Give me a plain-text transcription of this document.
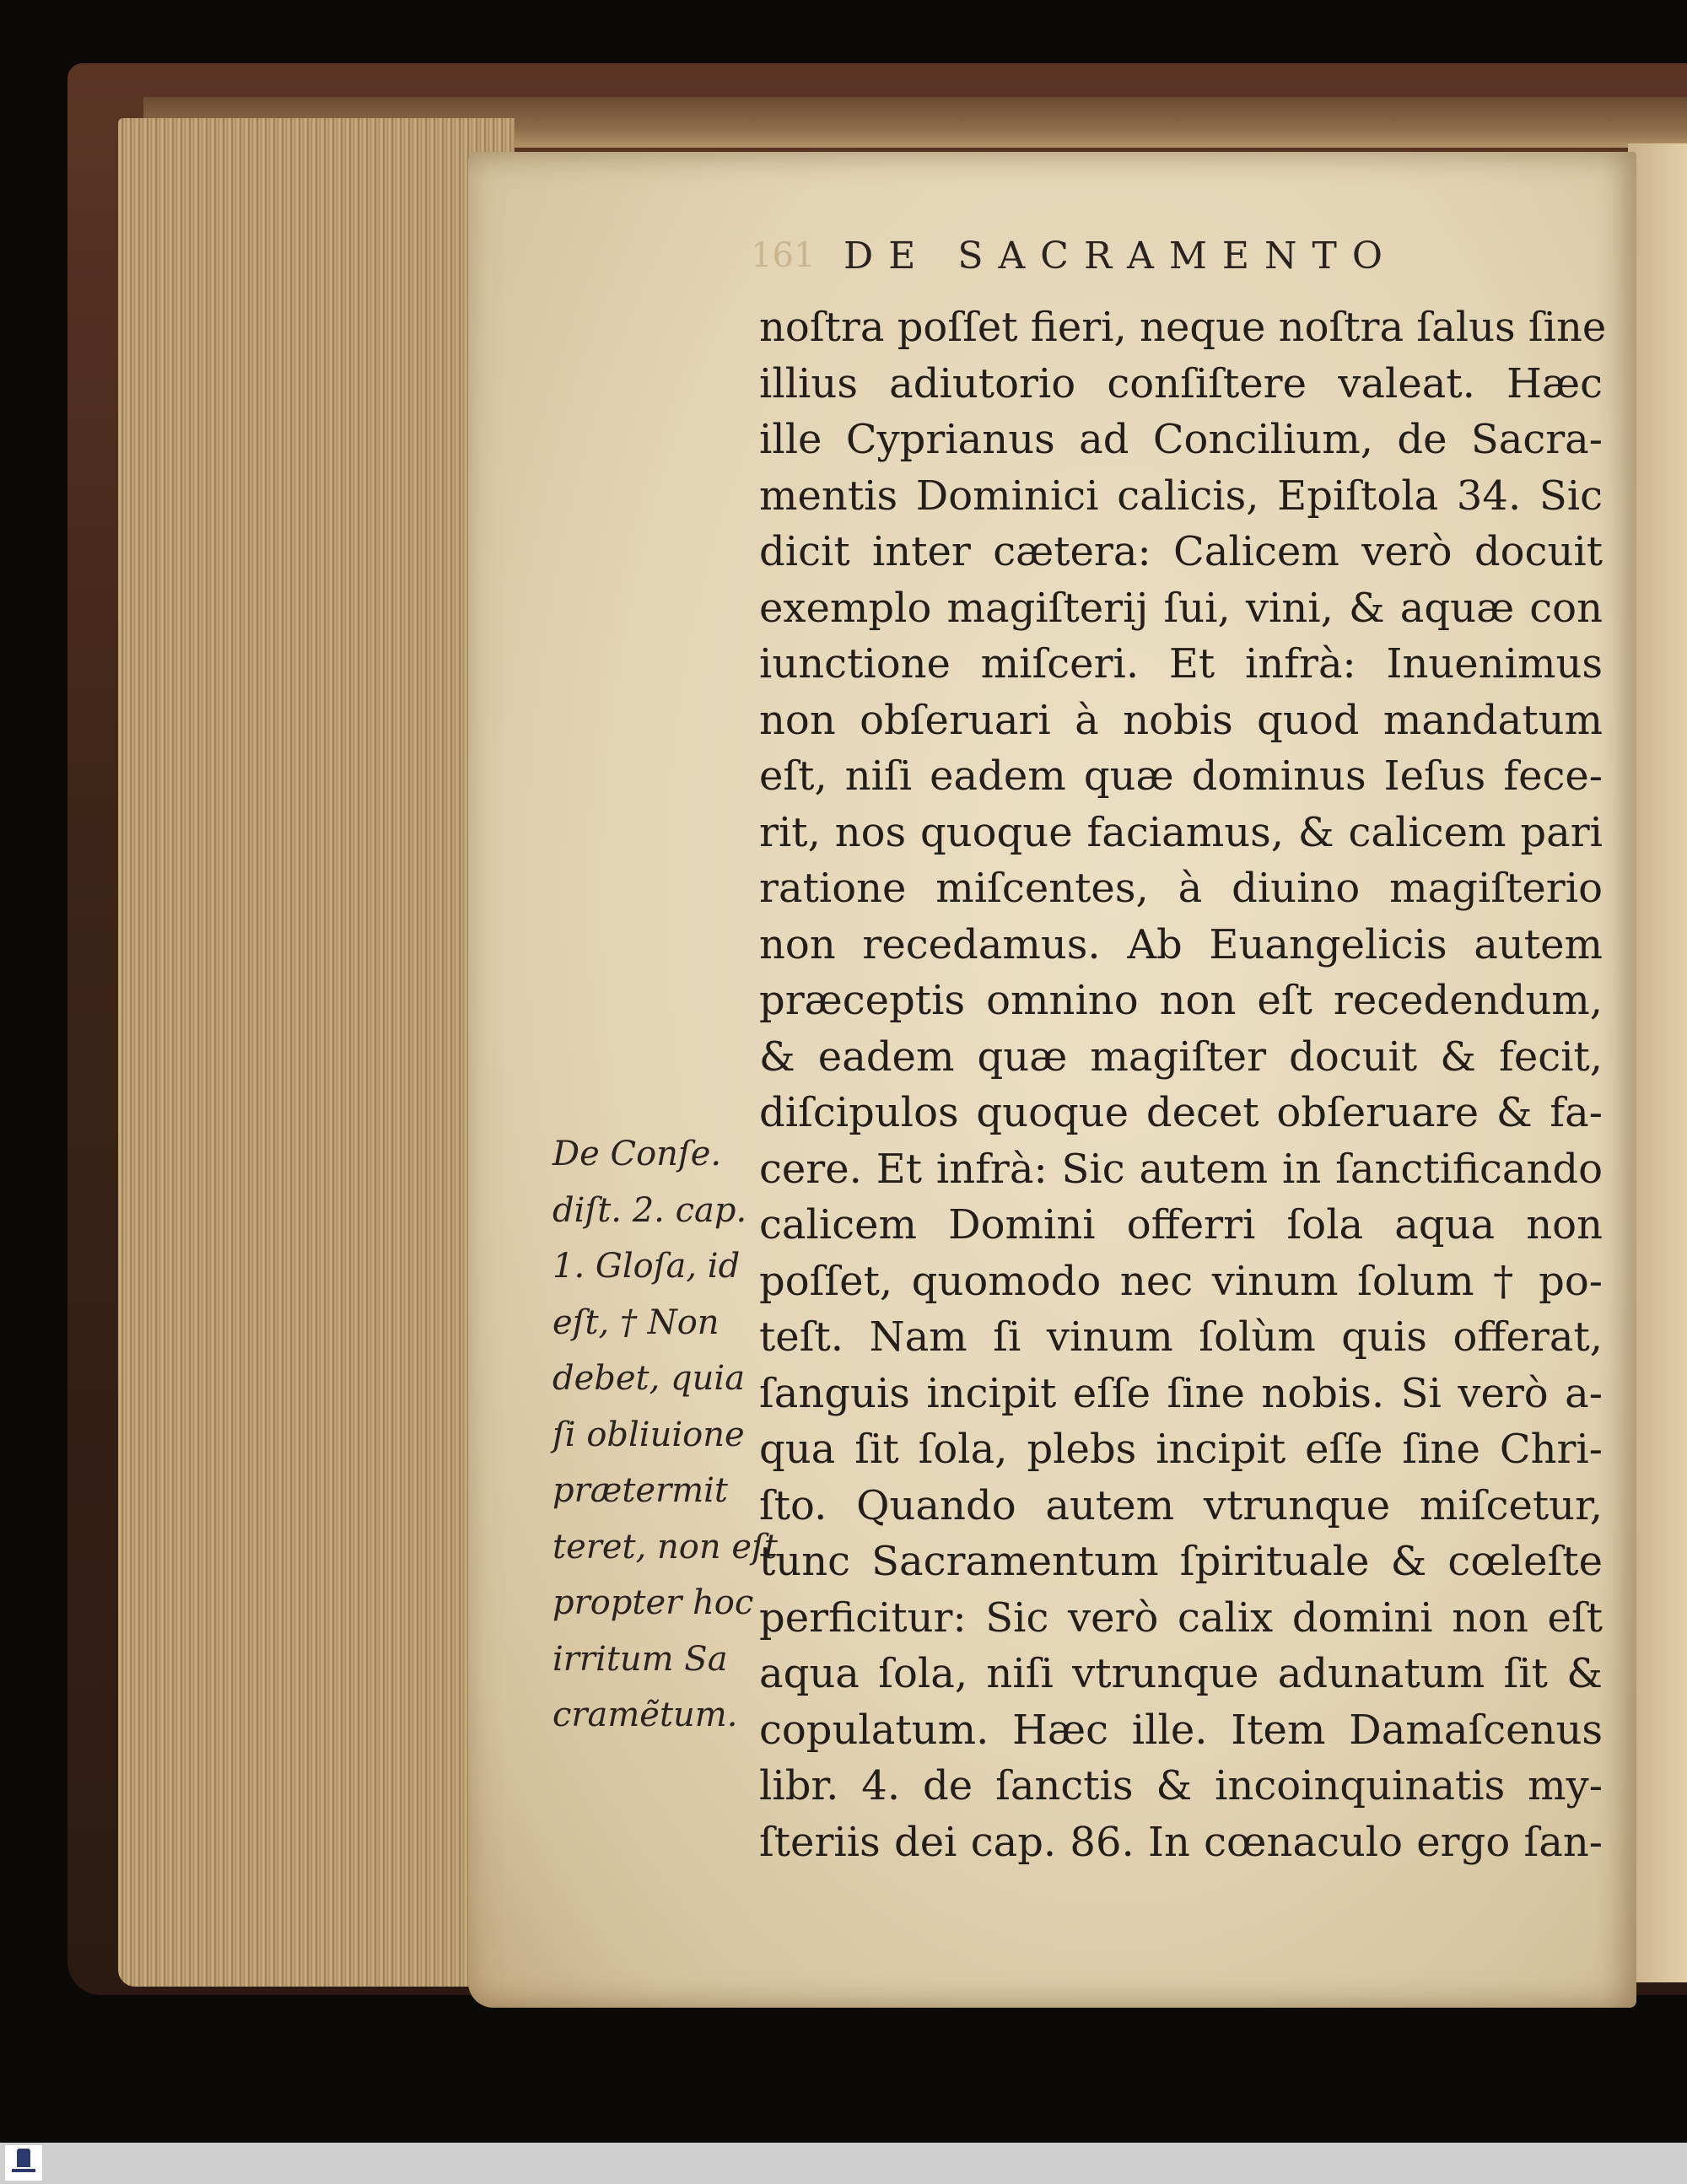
161 DE SACRAMENTO
noſtra poſſet fieri, neque noſtra ſalus ſine
illius adiutorio conſiſtere valeat. Hæc
ille Cyprianus ad Concilium, de Sacra-
mentis Dominici calicis, Epiſtola 34. Sic
dicit inter cætera: Calicem verò docuit
exemplo magiſterij ſui, vini, & aquæ con
iunctione miſceri. Et infrà: Inuenimus
non obſeruari à nobis quod mandatum
eſt, niſi eadem quæ dominus Ieſus fece-
rit, nos quoque faciamus, & calicem pari
ratione miſcentes, à diuino magiſterio
non recedamus. Ab Euangelicis autem
præceptis omnino non eſt recedendum,
& eadem quæ magiſter docuit & fecit,
diſcipulos quoque decet obſeruare & fa-
cere. Et infrà: Sic autem in ſanctificando
calicem Domini offerri ſola aqua non
poſſet, quomodo nec vinum ſolum † po-
teſt. Nam ſi vinum ſolùm quis offerat,
ſanguis incipit eſſe ſine nobis. Si verò a-
qua ſit ſola, plebs incipit eſſe ſine Chri-
ſto. Quando autem vtrunque miſcetur,
tunc Sacramentum ſpirituale & cœleſte
perficitur: Sic verò calix domini non eſt
aqua ſola, niſi vtrunque adunatum ſit &
copulatum. Hæc ille. Item Damaſcenus
libr. 4. de ſanctis & incoinquinatis my-
ſteriis dei cap. 86. In cœnaculo ergo ſan-
De Conſe.
diſt. 2. cap.
1. Gloſa, id
eſt, † Non
debet, quia
ſi obliuione
prætermit
teret, non eſt
propter hoc
irritum Sa
cramẽtum.
